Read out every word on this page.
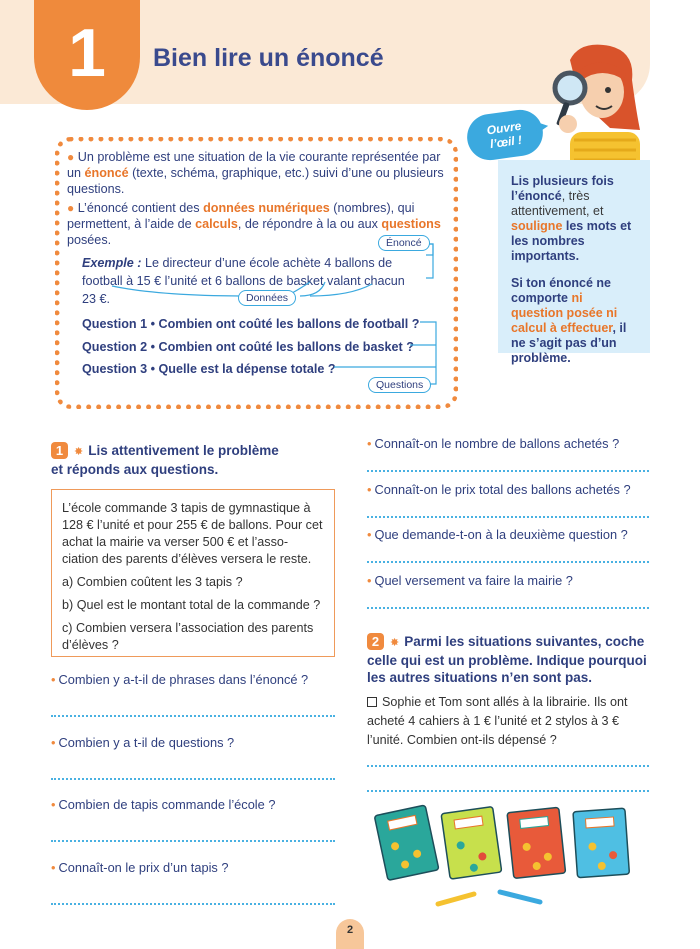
1 Bien lire un énoncé
Ouvre
l’œil !

Lis plusieurs fois l’énoncé, très attentivement, et souligne les mots et les nombres importants.

Si ton énoncé ne comporte ni question posée ni calcul à effectuer, il ne s’agit pas d’un problème.

● Un problème est une situation de la vie courante représentée par un énoncé (texte, schéma, graphique, etc.) suivi d’une ou plusieurs questions.

● L’énoncé contient des données numériques (nombres), qui permettent, à l’aide de calculs, de répondre à la ou aux questions posées.

Exemple : Le directeur d’une école achète 4 ballons de football à 15 € l’unité et 6 ballons de basket valant chacun 23 €.
Question 1 • Combien ont coûté les ballons de football ?
Question 2 • Combien ont coûté les ballons de basket ?
Question 3 • Quelle est la dépense totale ?
Énoncé
Données
Questions
1 ✸ Lis attentivement le problème
et réponds aux questions.

L’école commande 3 tapis de gymnastique à 128 € l’unité et pour 255 € de ballons. Pour cet achat la mairie va verser 500 € et l’asso-ciation des parents d’élèves versera le reste.

a) Combien coûtent les 3 tapis ?

b) Quel est le montant total de la commande ?

c) Combien versera l’association des parents d’élèves ?

• Combien y a-t-il de phrases dans l’énoncé ?
• Combien y a t-il de questions ?
• Combien de tapis commande l’école ?
• Connaît-on le prix d’un tapis ?
• Connaît-on le nombre de ballons achetés ?
• Connaît-on le prix total des ballons achetés ?
• Que demande-t-on à la deuxième question ?
• Quel versement va faire la mairie ?
2 ✸ Parmi les situations suivantes, coche
celle qui est un problème. Indique pourquoi
les autres situations n’en sont pas.
Sophie et Tom sont allés à la librairie. Ils ont acheté 4 cahiers à 1 € l’unité et 2 stylos à 3 € l’unité. Combien ont-ils dépensé ?
2
